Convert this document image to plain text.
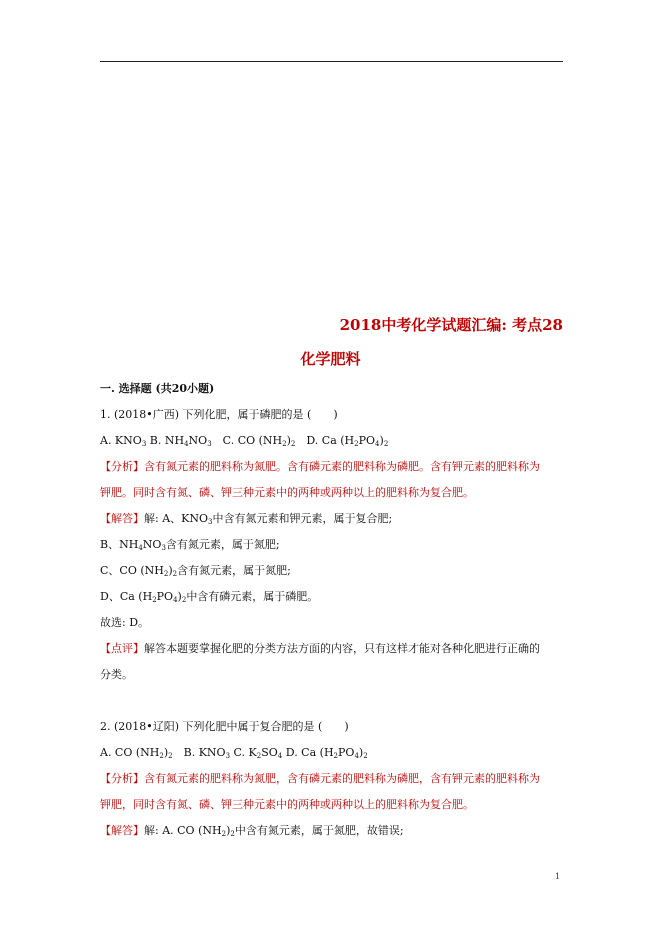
2018中考化学试题汇编: 考点28
化学肥料
一. 选择题 (共20小题)
1. (2018•广西) 下列化肥，属于磷肥的是 (　　)
A. $KNO_3$ B. $NH_4NO_3$　C. CO $(NH_2)_2$　D. Ca $(H_2PO_4)_2$
【分析】含有氮元素的肥料称为氮肥。含有磷元素的肥料称为磷肥。含有钾元素的肥料称为
钾肥。同时含有氮、磷、钾三种元素中的两种或两种以上的肥料称为复合肥。
【解答】解: A、$KNO_3$中含有氮元素和钾元素，属于复合肥;
B、$NH_4NO_3$含有氮元素，属于氮肥;
C、CO $(NH_2)_2$含有氮元素，属于氮肥;
D、Ca $(H_2PO_4)_2$中含有磷元素，属于磷肥。
故选: D。
【点评】解答本题要掌握化肥的分类方法方面的内容，只有这样才能对各种化肥进行正确的
分类。
2. (2018•辽阳) 下列化肥中属于复合肥的是 (　　)
A. CO $(NH_2)_2$　B. $KNO_3$ C. $K_2SO_4$ D. Ca $(H_2PO_4)_2$
【分析】含有氮元素的肥料称为氮肥，含有磷元素的肥料称为磷肥，含有钾元素的肥料称为
钾肥，同时含有氮、磷、钾三种元素中的两种或两种以上的肥料称为复合肥。
【解答】解: A. CO $(NH_2)_2$中含有氮元素，属于氮肥，故错误;
1
